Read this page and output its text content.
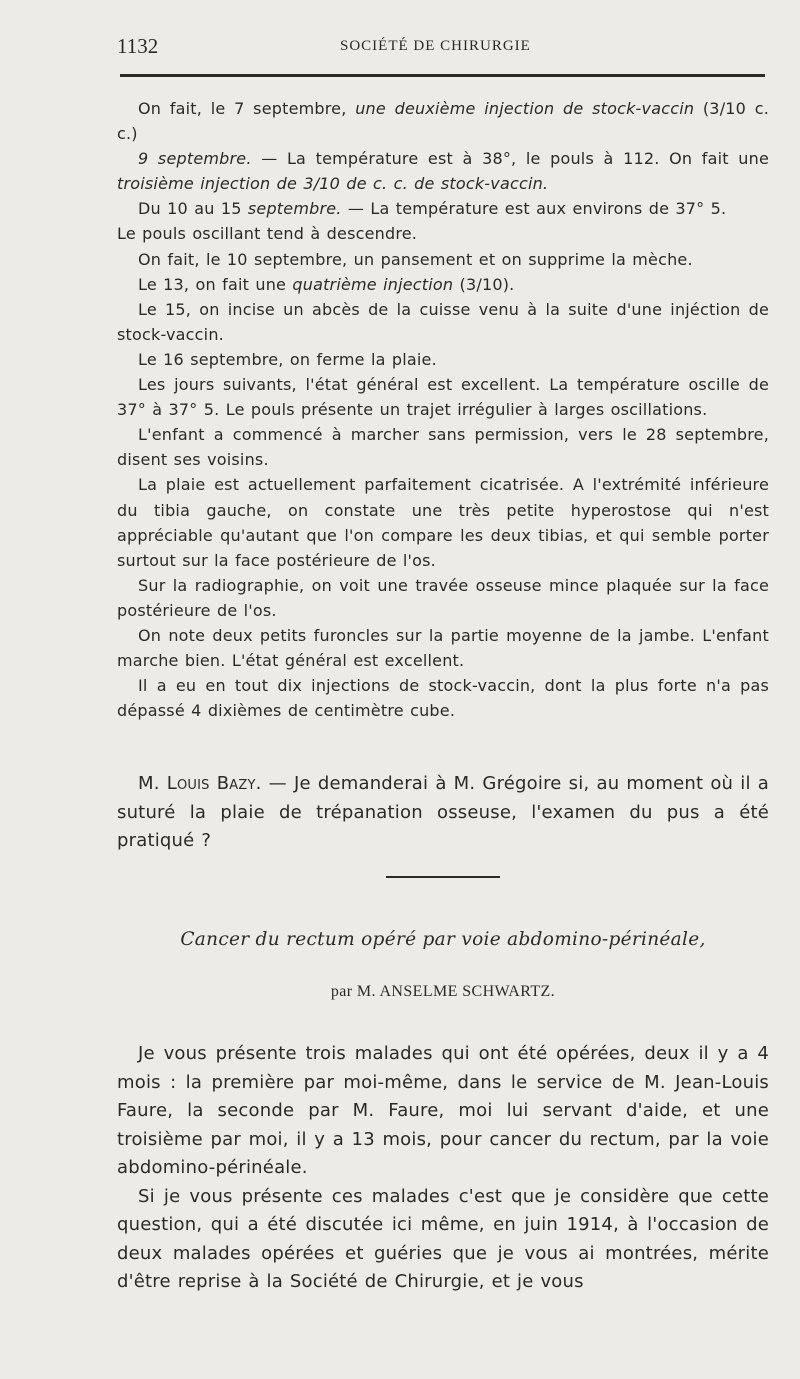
1132	SOCIÉTÉ DE CHIRURGIE

On fait, le 7 septembre, une deuxième injection de stock-vaccin (3/10 c. c.)

9 septembre. — La température est à 38°, le pouls à 112. On fait une troisième injection de 3/10 de c. c. de stock-vaccin.

Du 10 au 15 septembre. — La température est aux environs de 37° 5.

Le pouls oscillant tend à descendre.

On fait, le 10 septembre, un pansement et on supprime la mèche.

Le 13, on fait une quatrième injection (3/10).

Le 15, on incise un abcès de la cuisse venu à la suite d'une injéction de stock-vaccin.

Le 16 septembre, on ferme la plaie.

Les jours suivants, l'état général est excellent. La température oscille de 37° à 37° 5. Le pouls présente un trajet irrégulier à larges oscillations.

L'enfant a commencé à marcher sans permission, vers le 28 septembre, disent ses voisins.

La plaie est actuellement parfaitement cicatrisée. A l'extrémité inférieure du tibia gauche, on constate une très petite hyperostose qui n'est appréciable qu'autant que l'on compare les deux tibias, et qui semble porter surtout sur la face postérieure de l'os.

Sur la radiographie, on voit une travée osseuse mince plaquée sur la face postérieure de l'os.

On note deux petits furoncles sur la partie moyenne de la jambe. L'enfant marche bien. L'état général est excellent.

Il a eu en tout dix injections de stock-vaccin, dont la plus forte n'a pas dépassé 4 dixièmes de centimètre cube.

M. Louis Bazy. — Je demanderai à M. Grégoire si, au moment où il a suturé la plaie de trépanation osseuse, l'examen du pus a été pratiqué ?

Cancer du rectum opéré par voie abdomino-périnéale,
par M. ANSELME SCHWARTZ.

Je vous présente trois malades qui ont été opérées, deux il y a 4 mois : la première par moi-même, dans le service de M. Jean-Louis Faure, la seconde par M. Faure, moi lui servant d'aide, et une troisième par moi, il y a 13 mois, pour cancer du rectum, par la voie abdomino-périnéale.

Si je vous présente ces malades c'est que je considère que cette question, qui a été discutée ici même, en juin 1914, à l'occasion de deux malades opérées et guéries que je vous ai montrées, mérite d'être reprise à la Société de Chirurgie, et je vous
